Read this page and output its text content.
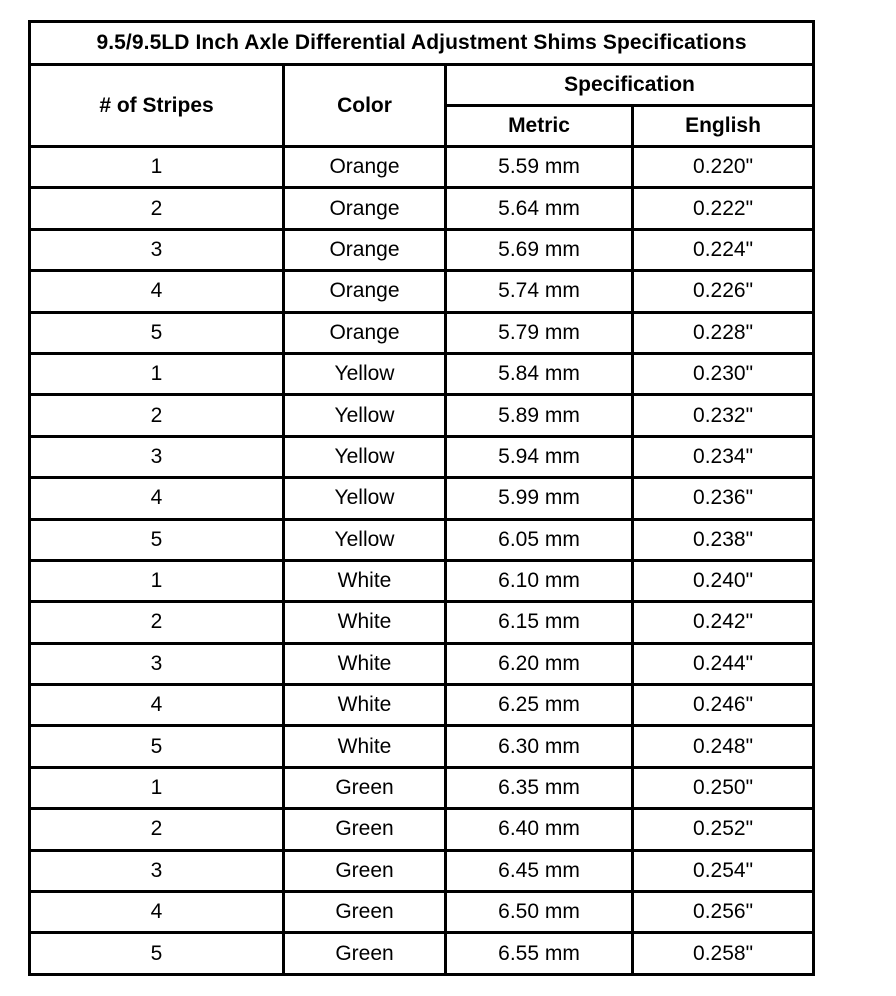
9.5/9.5LD Inch Axle Differential Adjustment Shims Specifications			
# of Stripes	Color	Specification	
		Metric	English
1	Orange	5.59 mm	0.220"
2	Orange	5.64 mm	0.222"
3	Orange	5.69 mm	0.224"
4	Orange	5.74 mm	0.226"
5	Orange	5.79 mm	0.228"
1	Yellow	5.84 mm	0.230"
2	Yellow	5.89 mm	0.232"
3	Yellow	5.94 mm	0.234"
4	Yellow	5.99 mm	0.236"
5	Yellow	6.05 mm	0.238"
1	White	6.10 mm	0.240"
2	White	6.15 mm	0.242"
3	White	6.20 mm	0.244"
4	White	6.25 mm	0.246"
5	White	6.30 mm	0.248"
1	Green	6.35 mm	0.250"
2	Green	6.40 mm	0.252"
3	Green	6.45 mm	0.254"
4	Green	6.50 mm	0.256"
5	Green	6.55 mm	0.258"
